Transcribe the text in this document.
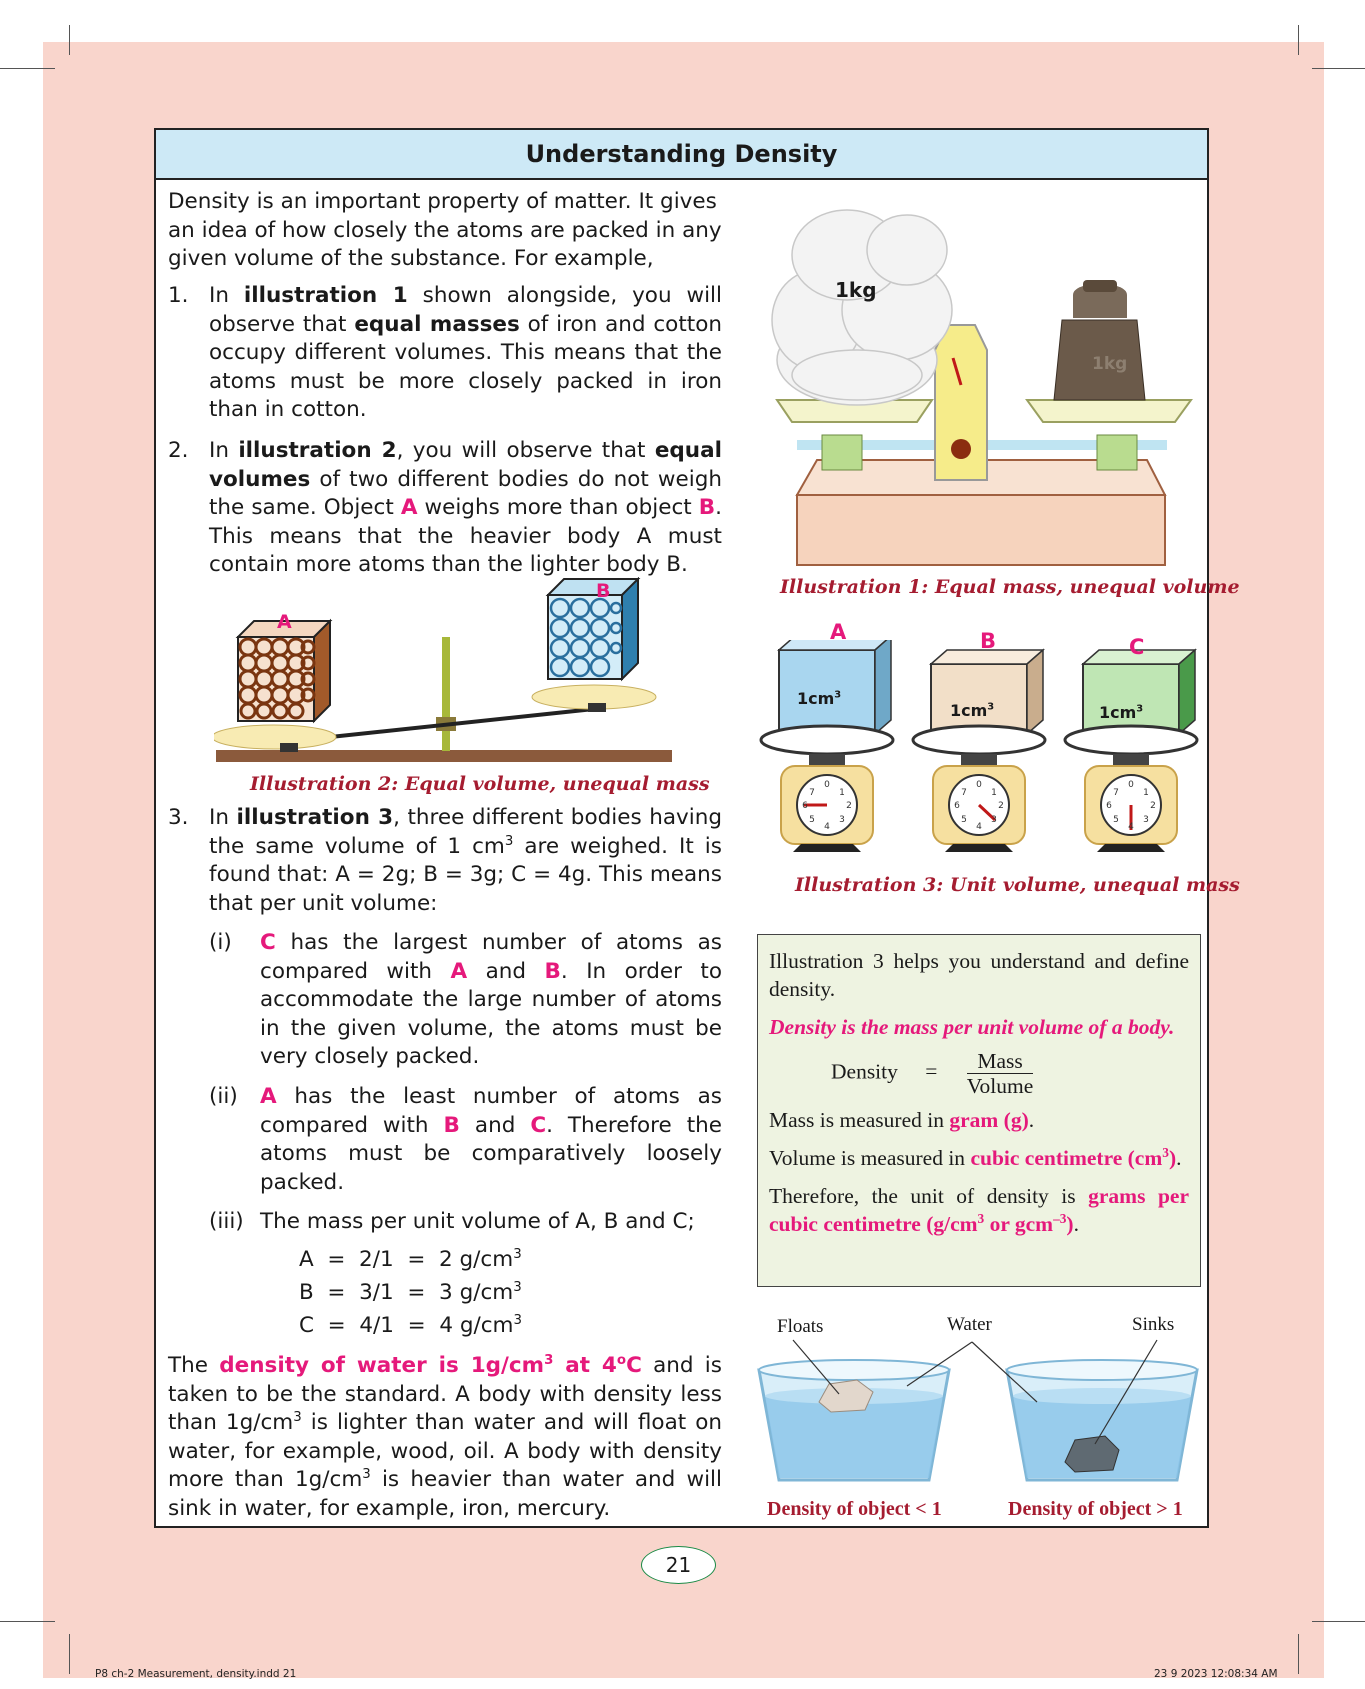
Understanding Density
Density is an important property of matter. It gives an idea of how closely the atoms are packed in any given volume of the substance. For example,
1. In illustration 1 shown alongside, you will observe that equal masses of iron and cotton occupy different volumes. This means that the atoms must be more closely packed in iron than in cotton.
2. In illustration 2, you will observe that equal volumes of two different bodies do not weigh the same. Object A weighs more than object B. This means that the heavier body A must contain more atoms than the lighter body B.
A
B
Illustration 2: Equal volume, unequal mass
3. In illustration 3, three different bodies having the same volume of 1 $cm^3$ are weighed. It is found that: A = 2g; B = 3g; C = 4g. This means that per unit volume:
(i) C has the largest number of atoms as compared with A and B. In order to accommodate the large number of atoms in the given volume, the atoms must be very closely packed.
(ii) A has the least number of atoms as compared with B and C. Therefore the atoms must be comparatively loosely packed.
(iii) The mass per unit volume of A, B and C;
A  =  2/1  =  2 $g/cm^3$
B  =  3/1  =  3 $g/cm^3$
C  =  4/1  =  4 $g/cm^3$
The density of water is $1g/cm^3$ at 4$^o$C and is taken to be the standard. A body with density less than $1g/cm^3$ is lighter than water and will float on water, for example, wood, oil. A body with density more than $1g/cm^3$ is heavier than water and will sink in water, for example, iron, mercury.
1kg
1kg
Illustration 1: Equal mass, unequal volume
0
1
2
3
4
5
6
7
0
1
2
3
4
5
6
7
0
1
2
3
4
5
6
7
A	B	C
$1cm^3$
$1cm^3$	$1cm^3$
Illustration 3: Unit volume, unequal mass

Illustration 3 helps you understand and define density.

Density is the mass per unit volume of a body.

Density = $\frac{\text{Mass}}{\text{Volume}}$

Mass is measured in gram (g).

Volume is measured in cubic centimetre $(cm^3)$.

Therefore, the unit of density is grams per cubic centimetre ($g/cm^3$ or gcm$^{-3}$).

Floats	Water	Sinks
Density of object < 1	Density of object > 1
21
P8 ch-2 Measurement, density.indd 21	23 9 2023 12:08:34 AM
